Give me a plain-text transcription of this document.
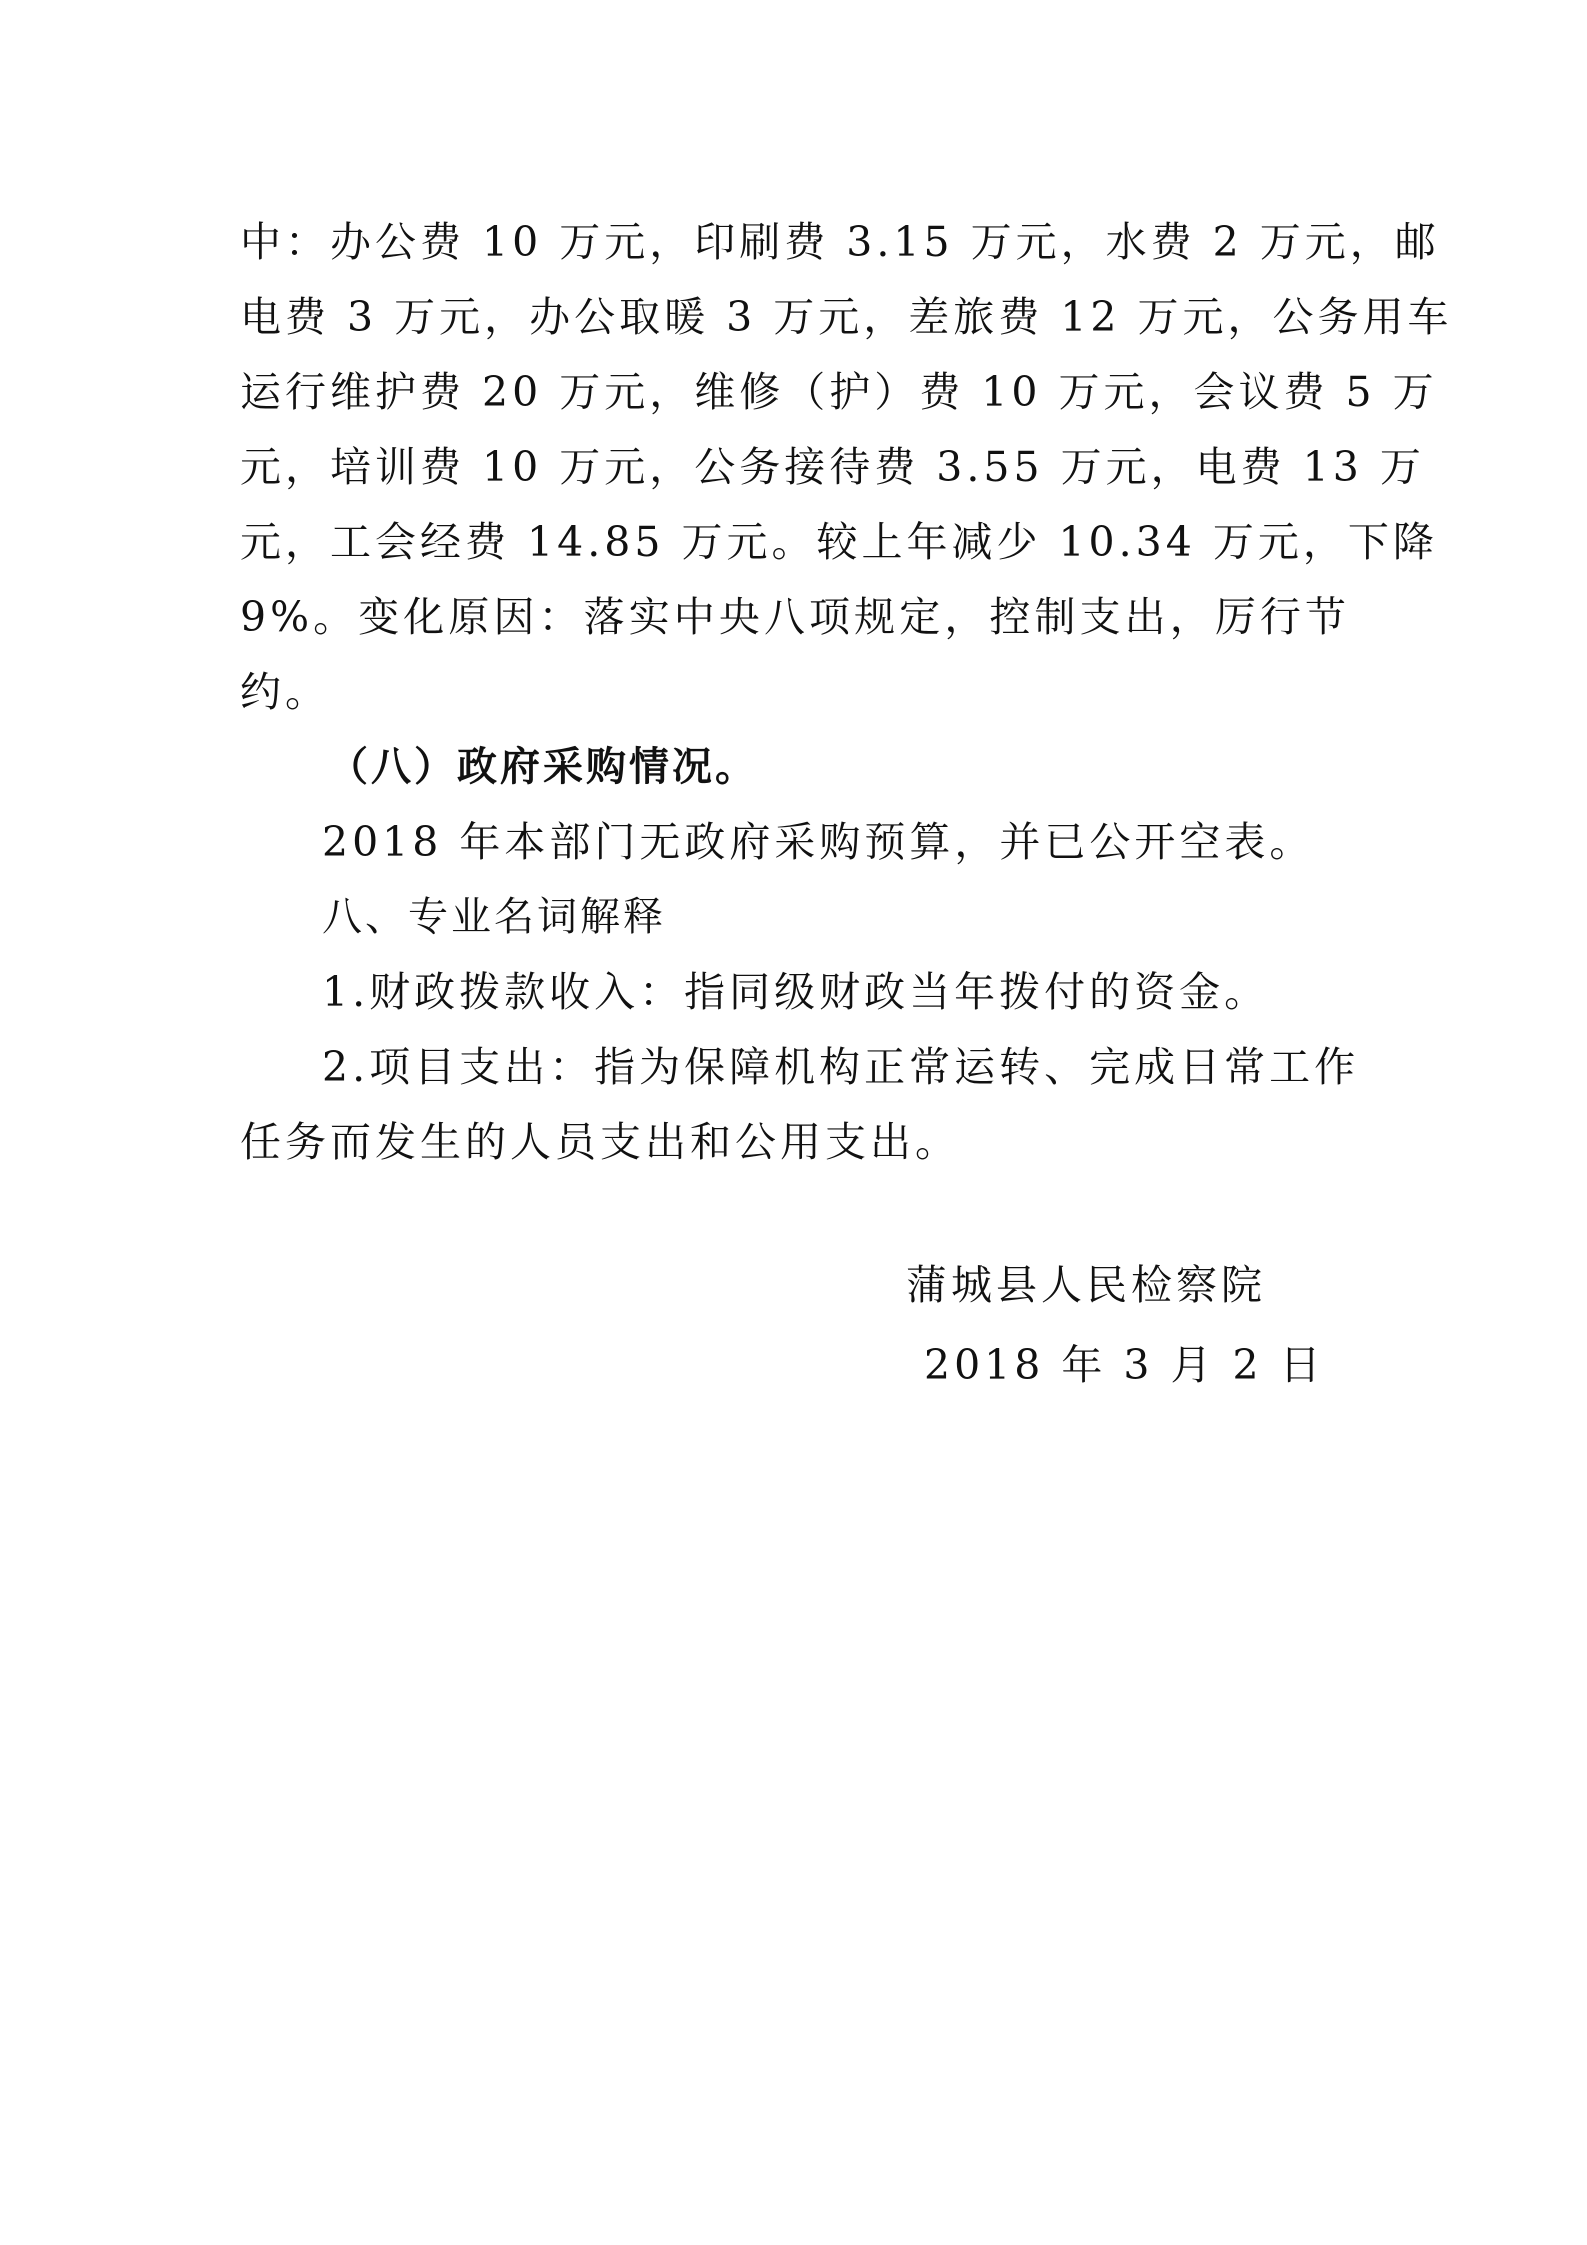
中：办公费 10 万元，印刷费 3.15 万元，水费 2 万元，邮
电费 3 万元，办公取暖 3 万元，差旅费 12 万元，公务用车
运行维护费 20 万元，维修（护）费 10 万元，会议费 5 万
元，培训费 10 万元，公务接待费 3.55 万元，电费 13 万
元，工会经费 14.85 万元。较上年减少 10.34 万元，下降
9%。变化原因：落实中央八项规定，控制支出，厉行节
约。
（八）政府采购情况。
2018 年本部门无政府采购预算，并已公开空表。
八、专业名词解释
1.财政拨款收入：指同级财政当年拨付的资金。
2.项目支出：指为保障机构正常运转、完成日常工作
任务而发生的人员支出和公用支出。
蒲城县人民检察院
2018 年 3 月 2 日
